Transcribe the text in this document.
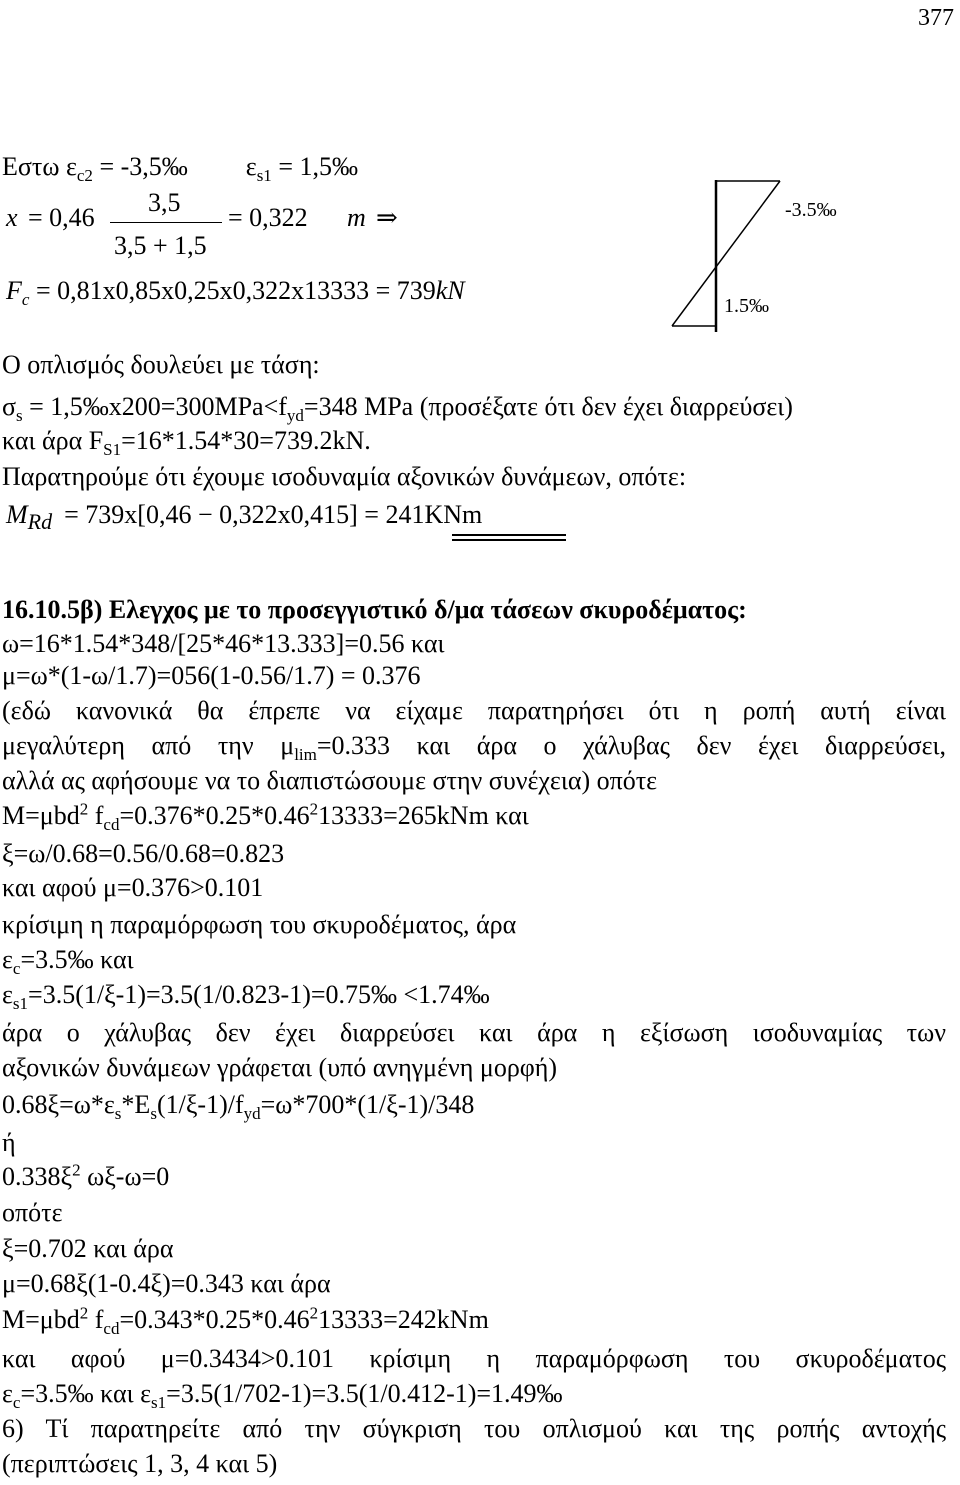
377
Εστω $\varepsilon_{c2}$ = -3,5‰ $\varepsilon_{s1}$ = 1,5‰
x = 0,46
3,5
3,5 + 1,5
= 0,322 m ⇒
$F_c = 0,81x0,85x0,25x0,322x13333 = 739kN$
-3.5‰
1.5‰
Ο οπλισμός δουλεύει με τάση:
$\sigma_s$ = $1,5‰x200=300MPa<f_{yd}=348$ MPa (προσέξατε ότι δεν έχει διαρρεύσει)
και άρα $F_{S1}=16*1.54*30=739.2kN$.
Παρατηρούμε ότι έχουμε ισοδυναμία αξονικών δυνάμεων, οπότε:
$M_{Rd} = 739x[0,46 - 0,322x0,415] = 241KNm$
16.10.5β) Ελεγχος με το προσεγγιστικό δ/μα τάσεων σκυροδέματος:
ω=16*1.54*348/[25*46*13.333]=0.56 και
μ=ω*(1-ω/1.7)=056(1-0.56/1.7) = 0.376
(εδώ κανονικά θα έπρεπε να είχαμε παρατηρήσει ότι η ροπή αυτή είναι
μεγαλύτερη από την $\mu_{lim}=0.333$ και άρα ο χάλυβας δεν έχει διαρρεύσει,
αλλά ας αφήσουμε να το διαπιστώσουμε στην συνέχεια) οπότε
M=μbd$^2$ $f_{cd}=0.376*0.25*0.46^213333=265kNm$ και
ξ=ω/0.68=0.56/0.68=0.823
και αφού μ=0.376>0.101
κρίσιμη η παραμόρφωση του σκυροδέματος, άρα
$\varepsilon_c=3.5‰$ και
$\varepsilon_{s1}=3.5(1/\xi-1)=3.5(1/0.823-1)=0.75‰$ <1.74‰
άρα ο χάλυβας δεν έχει διαρρεύσει και άρα η εξίσωση ισοδυναμίας των
αξονικών δυνάμεων γράφεται (υπό ανηγμένη μορφή)
$0.68\xi=\omega*\varepsilon_s*E_s(1/\xi-1)/f_{yd}=\omega*700*(1/\xi-1)/348$
ή
$0.338\xi^2$ ωξ-ω=0
οπότε
ξ=0.702 και άρα
μ=0.68ξ(1-0.4ξ)=0.343 και άρα
M=μbd$^2$ $f_{cd}=0.343*0.25*0.46^213333=242kNm$
και αφού μ=0.3434>0.101 κρίσιμη η παραμόρφωση του σκυροδέματος
$\varepsilon_c=3.5‰$ και $\varepsilon_{s1}=3.5(1/702-1)=3.5(1/0.412-1)=1.49‰$
6) Τί παρατηρείτε από την σύγκριση του οπλισμού και της ροπής αντοχής
(περιπτώσεις 1, 3, 4 και 5)
